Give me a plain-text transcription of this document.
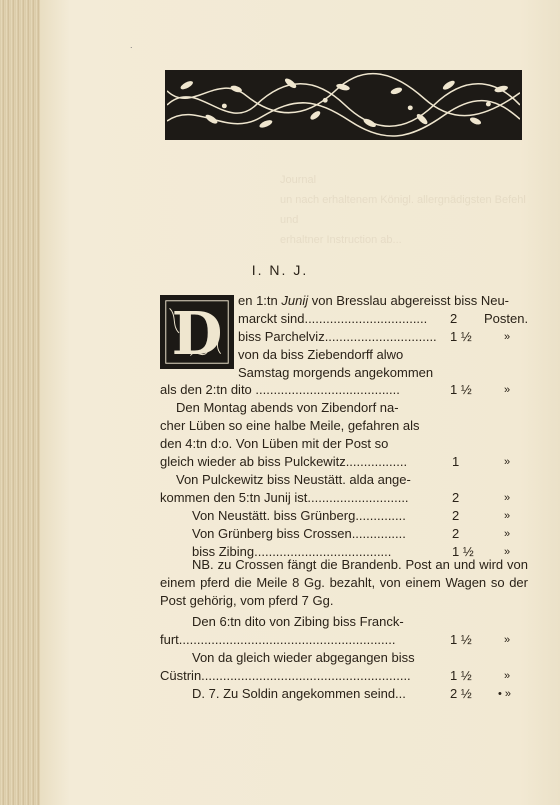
Journal
un nach erhaltenem Königl. allergnädigsten Befehl und
erhaltner Instruction ab...

I. N. J.
D en 1:tn Junij von Bresslau abgereisst biss Neu-
marckt sind..................................	2 Posten.
biss Parchelviz............................... 1 ½	»
von da biss Ziebendorff alwo
Samstag morgends angekommen
als den 2:tn dito ........................................	1 ½	»
Den Montag abends von Zibendorf na-
cher Lüben so eine halbe Meile, gefahren als
den 4:tn d:o. Von Lüben mit der Post so
gleich wieder ab biss Pulckewitz.................	1	»
Von Pulckewitz biss Neustätt. alda ange-
kommen den 5:tn Junij ist............................	2	»
Von Neustätt. biss Grünberg..............	2	»
Von Grünberg biss Crossen...............	2	»
biss Zibing......................................	1 ½	»
NB. zu Crossen fängt die Brandenb. Post an und wird von einem pferd die Meile 8 Gg. bezahlt, von einem Wagen so der Post gehörig, vom pferd 7 Gg.
Den 6:tn dito von Zibing biss Franck-
furt............................................................	1 ½	»
Von da gleich wieder abgegangen biss
Cüstrin..........................................................	1 ½	»
D. 7. Zu Soldin angekommen seind...	2 ½ • »
